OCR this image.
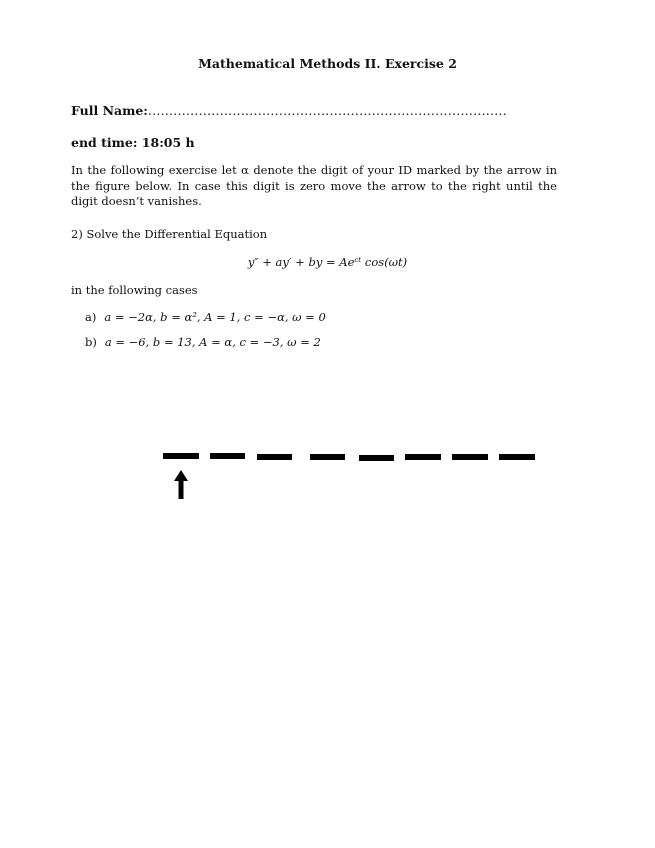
Mathematical Methods II. Exercise 2
Full Name:.....................................................................................
end time: 18:05 h

In the following exercise let α denote the digit of your ID marked by the arrow in the figure below. In case this digit is zero move the arrow to the right until the digit doesn’t vanishes.

2) Solve the Differential Equation
y″ + ay′ + by = Aeᶜᵗ cos(ωt)
in the following cases
a) a = −2α, b = α², A = 1, c = −α, ω = 0
b) a = −6, b = 13, A = α, c = −3, ω = 2
